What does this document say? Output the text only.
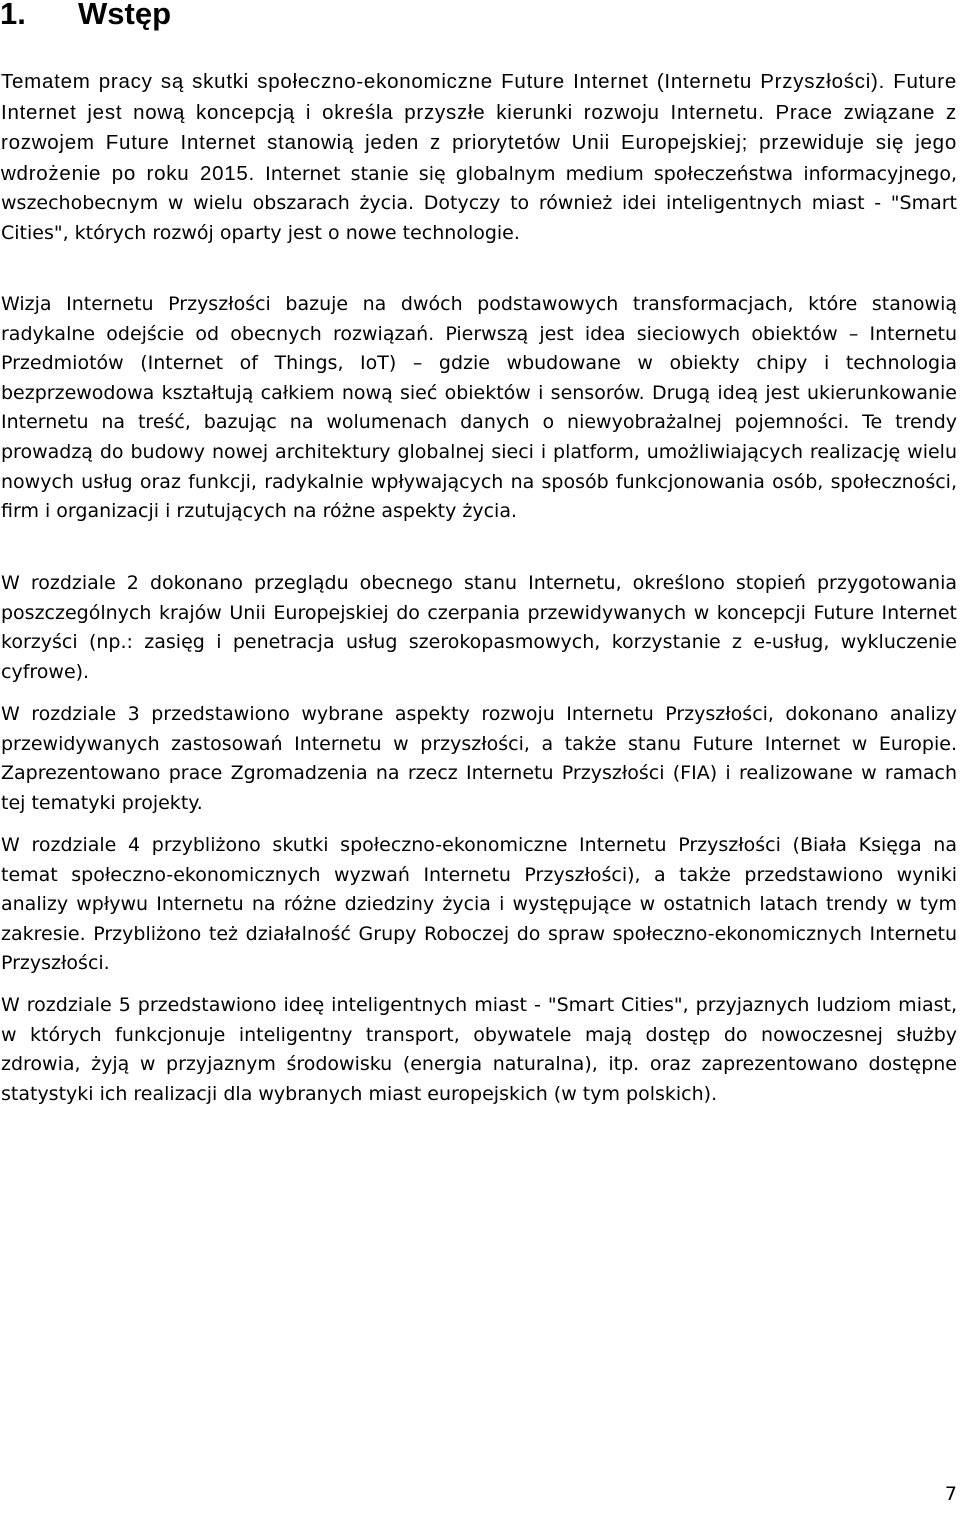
1. Wstęp

Tematem pracy są skutki społeczno-ekonomiczne Future Internet (Internetu Przyszłości). Future Internet jest nową koncepcją i określa przyszłe kierunki rozwoju Internetu. Prace związane z rozwojem Future Internet stanowią jeden z priorytetów Unii Europejskiej; przewiduje się jego wdrożenie po roku 2015. Internet stanie się globalnym medium społeczeństwa informacyjnego, wszechobecnym w wielu obszarach życia. Dotyczy to również idei inteligentnych miast - "Smart Cities", których rozwój oparty jest o nowe technologie.

Wizja Internetu Przyszłości bazuje na dwóch podstawowych transformacjach, które stanowią radykalne odejście od obecnych rozwiązań. Pierwszą jest idea sieciowych obiektów – Internetu Przedmiotów (Internet of Things, IoT) – gdzie wbudowane w obiekty chipy i technologia bezprzewodowa kształtują całkiem nową sieć obiektów i sensorów. Drugą ideą jest ukierunkowanie Internetu na treść, bazując na wolumenach danych o niewyobrażalnej pojemności. Te trendy prowadzą do budowy nowej architektury globalnej sieci i platform, umożliwiających realizację wielu nowych usług oraz funkcji, radykalnie wpływających na sposób funkcjonowania osób, społeczności, firm i organizacji i rzutujących na różne aspekty życia.

W rozdziale 2 dokonano przeglądu obecnego stanu Internetu, określono stopień przygotowania poszczególnych krajów Unii Europejskiej do czerpania przewidywanych w koncepcji Future Internet korzyści (np.: zasięg i penetracja usług szerokopasmowych, korzystanie z e-usług, wykluczenie cyfrowe).

W rozdziale 3 przedstawiono wybrane aspekty rozwoju Internetu Przyszłości, dokonano analizy przewidywanych zastosowań Internetu w przyszłości, a także stanu Future Internet w Europie. Zaprezentowano prace Zgromadzenia na rzecz Internetu Przyszłości (FIA) i realizowane w ramach tej tematyki projekty.

W rozdziale 4 przybliżono skutki społeczno-ekonomiczne Internetu Przyszłości (Biała Księga na temat społeczno-ekonomicznych wyzwań Internetu Przyszłości), a także przedstawiono wyniki analizy wpływu Internetu na różne dziedziny życia i występujące w ostatnich latach trendy w tym zakresie. Przybliżono też działalność Grupy Roboczej do spraw społeczno-ekonomicznych Internetu Przyszłości.

W rozdziale 5 przedstawiono ideę inteligentnych miast - "Smart Cities", przyjaznych ludziom miast, w których funkcjonuje inteligentny transport, obywatele mają dostęp do nowoczesnej służby zdrowia, żyją w przyjaznym środowisku (energia naturalna), itp. oraz zaprezentowano dostępne statystyki ich realizacji dla wybranych miast europejskich (w tym polskich).

7
